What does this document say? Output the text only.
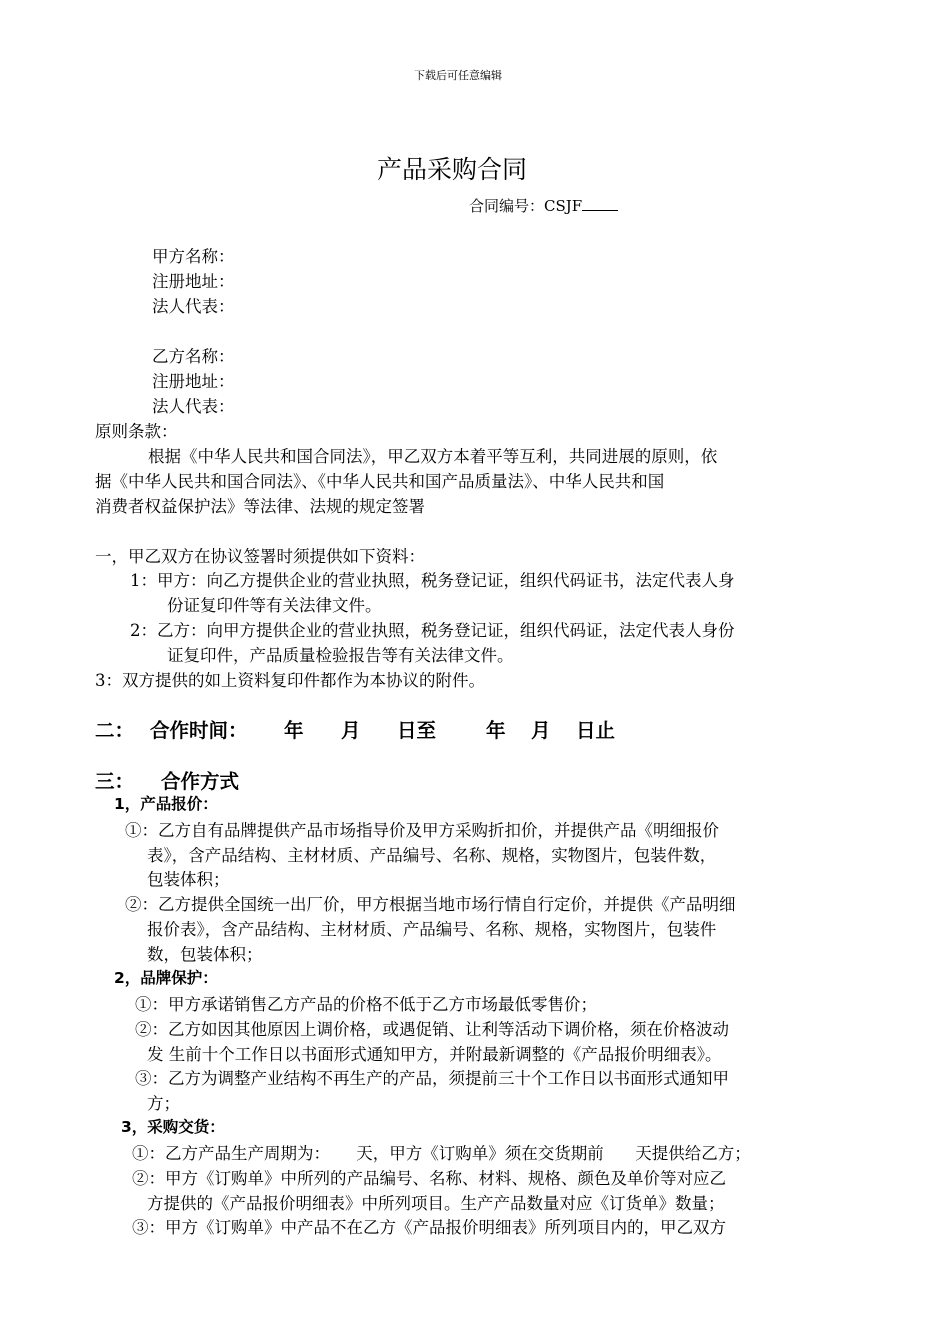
下载后可任意编辑
产品采购合同
合同编号：CSJF
甲方名称：
注册地址：
法人代表：
乙方名称：
注册地址：
法人代表：
原则条款：
根据《中华人民共和国合同法》，甲乙双方本着平等互利，共同进展的原则，依
据《中华人民共和国合同法》、《中华人民共和国产品质量法》、中华人民共和国
消费者权益保护法》等法律、法规的规定签署
一，甲乙双方在协议签署时须提供如下资料：
1：甲方：向乙方提供企业的营业执照，税务登记证，组织代码证书，法定代表人身
份证复印件等有关法律文件。
2：乙方：向甲方提供企业的营业执照，税务登记证，组织代码证，法定代表人身份
证复印件，产品质量检验报告等有关法律文件。
3：双方提供的如上资料复印件都作为本协议的附件。
二： 合作时间： 年 月 日至	年 月 日止
三： 合作方式
1，产品报价：
①：乙方自有品牌提供产品市场指导价及甲方采购折扣价，并提供产品《明细报价
表》，含产品结构、主材材质、产品编号、名称、规格，实物图片，包装件数，
包装体积；
②：乙方提供全国统一出厂价，甲方根据当地市场行情自行定价，并提供《产品明细
报价表》，含产品结构、主材材质、产品编号、名称、规格，实物图片，包装件
数，包装体积；
2，品牌保护：
①：甲方承诺销售乙方产品的价格不低于乙方市场最低零售价；
②：乙方如因其他原因上调价格，或遇促销、让利等活动下调价格，须在价格波动
发 生前十个工作日以书面形式通知甲方，并附最新调整的《产品报价明细表》。
③：乙方为调整产业结构不再生产的产品，须提前三十个工作日以书面形式通知甲
方；
3，采购交货：
①：乙方产品生产周期为：     天，甲方《订购单》须在交货期前      天提供给乙方；
②：甲方《订购单》中所列的产品编号、名称、材料、规格、颜色及单价等对应乙
方提供的《产品报价明细表》中所列项目。生产产品数量对应《订货单》数量；
③：甲方《订购单》中产品不在乙方《产品报价明细表》所列项目内的，甲乙双方
